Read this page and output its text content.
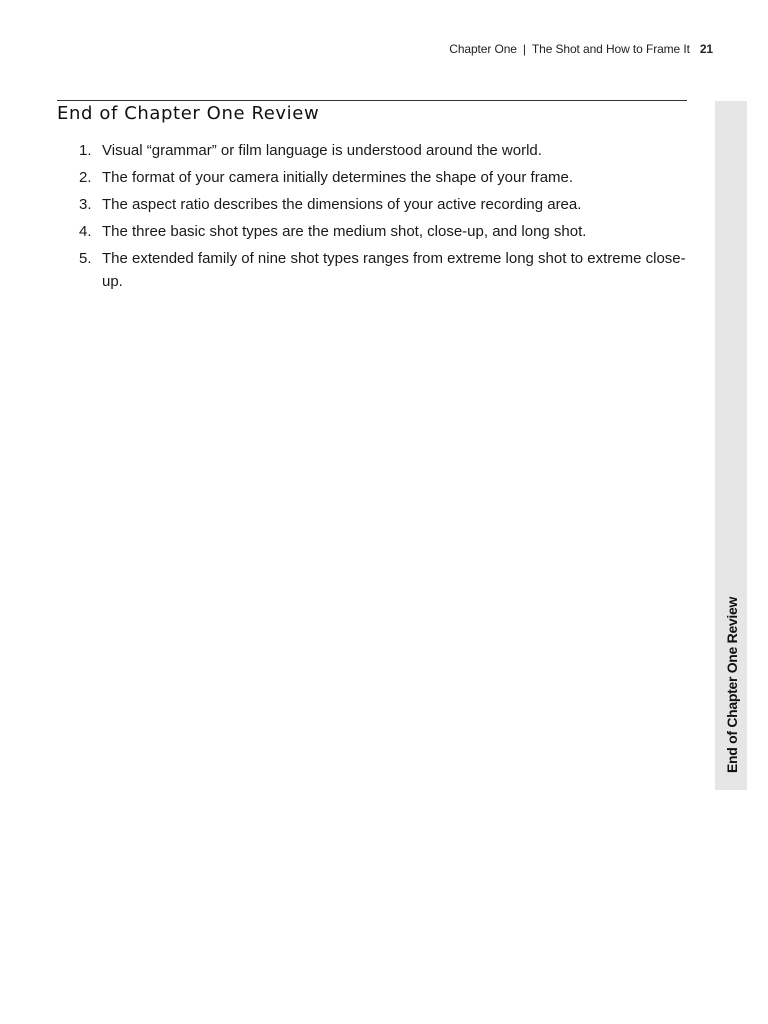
Chapter One | The Shot and How to Frame It 21
End of Chapter One Review
1. Visual “grammar” or film language is understood around the world.
2. The format of your camera initially determines the shape of your frame.
3. The aspect ratio describes the dimensions of your active recording area.
4. The three basic shot types are the medium shot, close-up, and long shot.
5. The extended family of nine shot types ranges from extreme long shot to extreme close-up.
End of Chapter One Review
